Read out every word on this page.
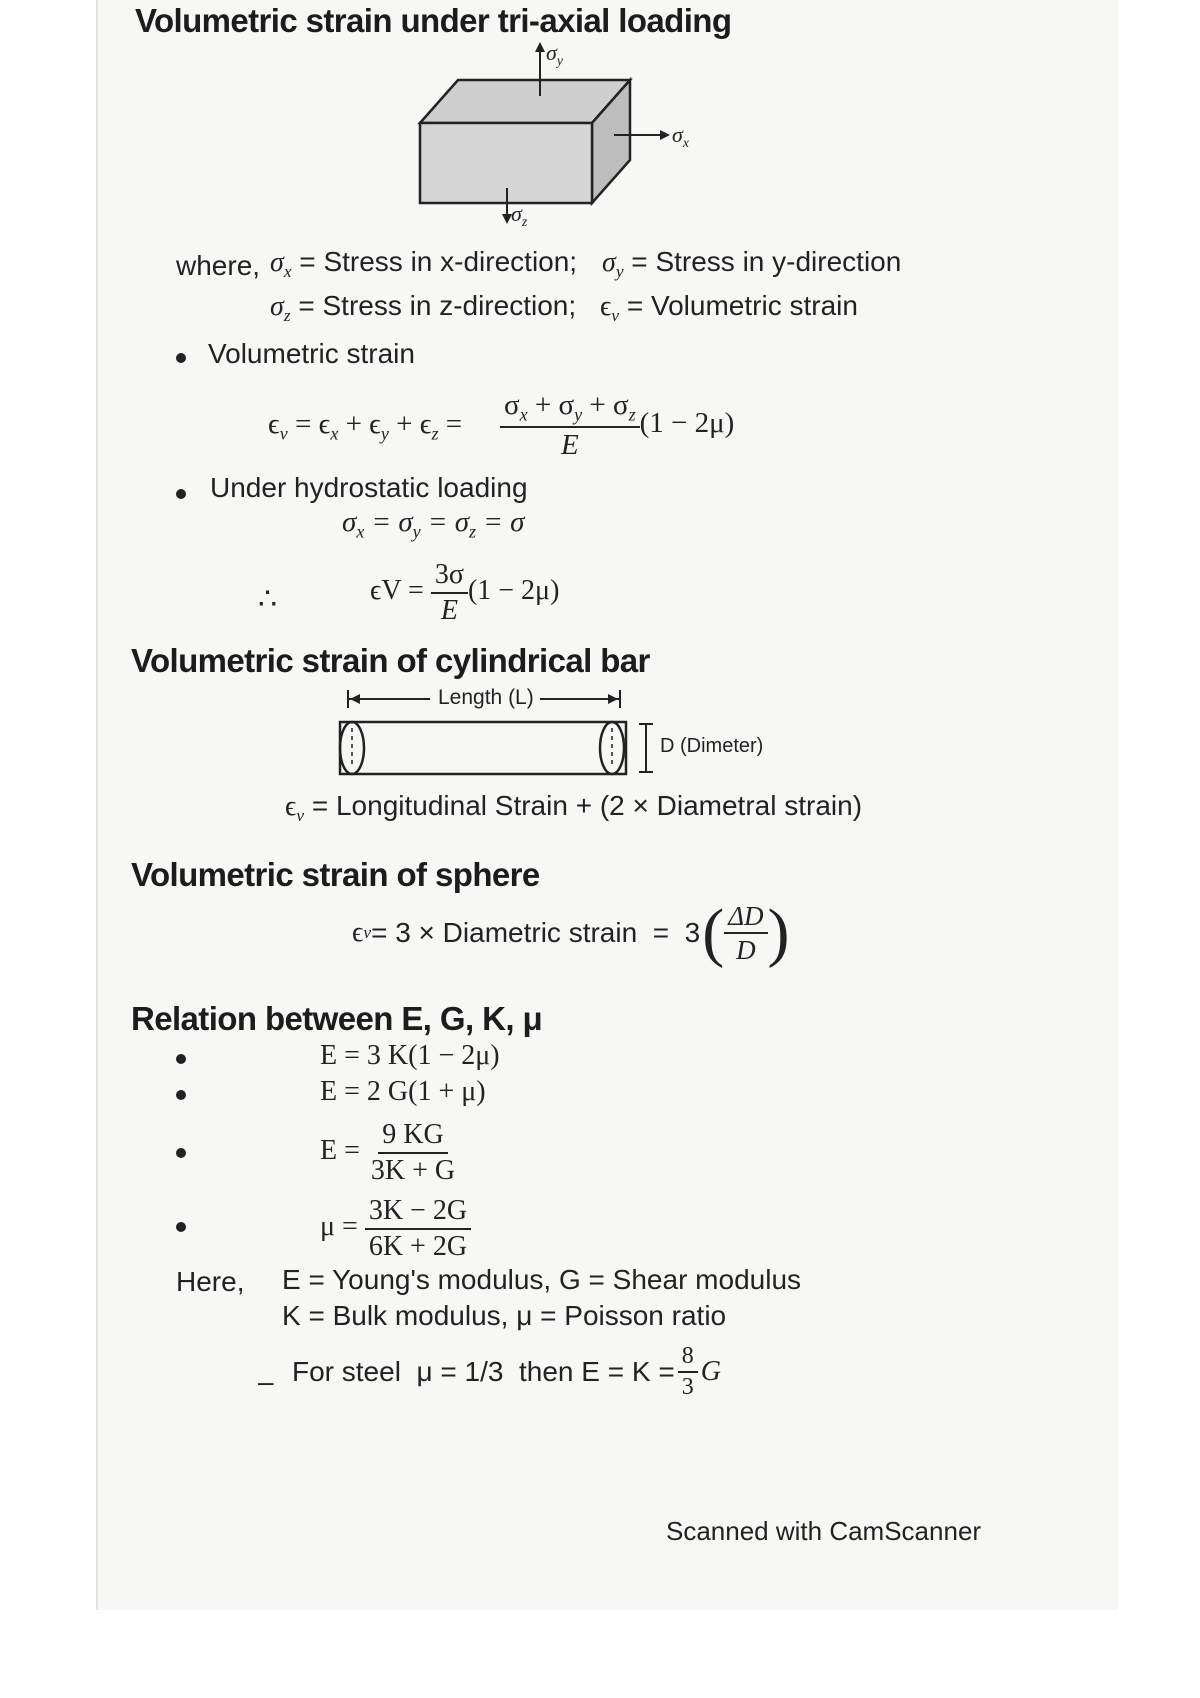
Volumetric strain under tri-axial loading
$\sigma_y$
$\sigma_x$
$\sigma_z$
where, $\sigma_x$ = Stress in x-direction; $\sigma_y$ = Stress in y-direction
$\sigma_z$ = Stress in z-direction; $\epsilon_v$ = Volumetric strain
Volumetric strain
$\epsilon_v = \epsilon_x + \epsilon_y + \epsilon_z = \frac{\sigma_x + \sigma_y + \sigma_z}{E} (1 - 2\mu)$
Under hydrostatic loading
$\sigma_x = \sigma_y = \sigma_z = \sigma$
∴	$\epsilon V = \frac{3\sigma}{E} (1 - 2\mu)$
Volumetric strain of cylindrical bar
Length (L)
D (Dimeter)
$\epsilon_v$ = Longitudinal Strain + (2 × Diametral strain)
Volumetric strain of sphere
ϵ v = 3 × Diametric strain  =  3 ( $\frac{\Delta D}{D}$ )
Relation between E, G, K, μ
E = 3 K(1 − 2μ)
E = 2 G(1 + μ)
$E = \frac{9 KG}{3K + G}$
$\mu = \frac{3K - 2G}{6K + 2G}$
Here, E = Young's modulus, G = Shear modulus
K = Bulk modulus, μ = Poisson ratio
– For steel  μ = 1/3  then $E = K = \frac{8}{3}$ G
Scanned with CamScanner
